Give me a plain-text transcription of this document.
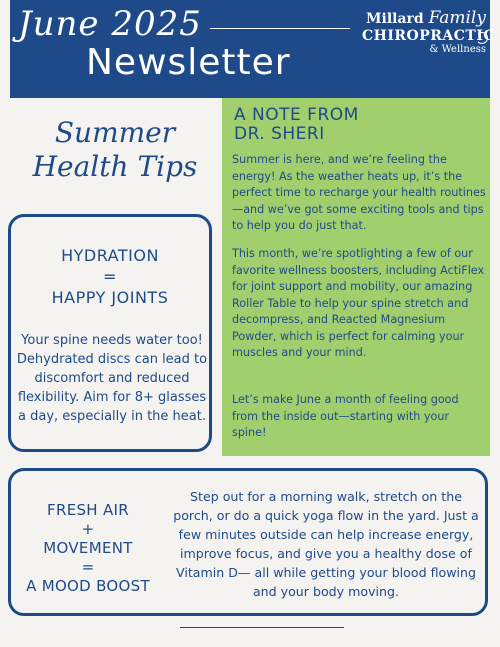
June 2025
Newsletter
Millard Family
CHIROPRACTIC
& Wellness
Summer
Health Tips
HYDRATION
=
HAPPY JOINTS
Your spine needs water too! Dehydrated discs can lead to discomfort and reduced flexibility. Aim for 8+ glasses a day, especially in the heat.
A NOTE FROM
DR. SHERI
Summer is here, and we’re feeling the energy! As the weather heats up, it’s the perfect time to recharge your health routines—and we’ve got some exciting tools and tips to help you do just that.
This month, we’re spotlighting a few of our favorite wellness boosters, including ActiFlex for joint support and mobility, our amazing Roller Table to help your spine stretch and decompress, and Reacted Magnesium Powder, which is perfect for calming your muscles and your mind.
Let’s make June a month of feeling good from the inside out—starting with your spine!
FRESH AIR
+
MOVEMENT
=
A MOOD BOOST
Step out for a morning walk, stretch on the porch, or do a quick yoga flow in the yard. Just a few minutes outside can help increase energy, improve focus, and give you a healthy dose of Vitamin D— all while getting your blood flowing and your body moving.
